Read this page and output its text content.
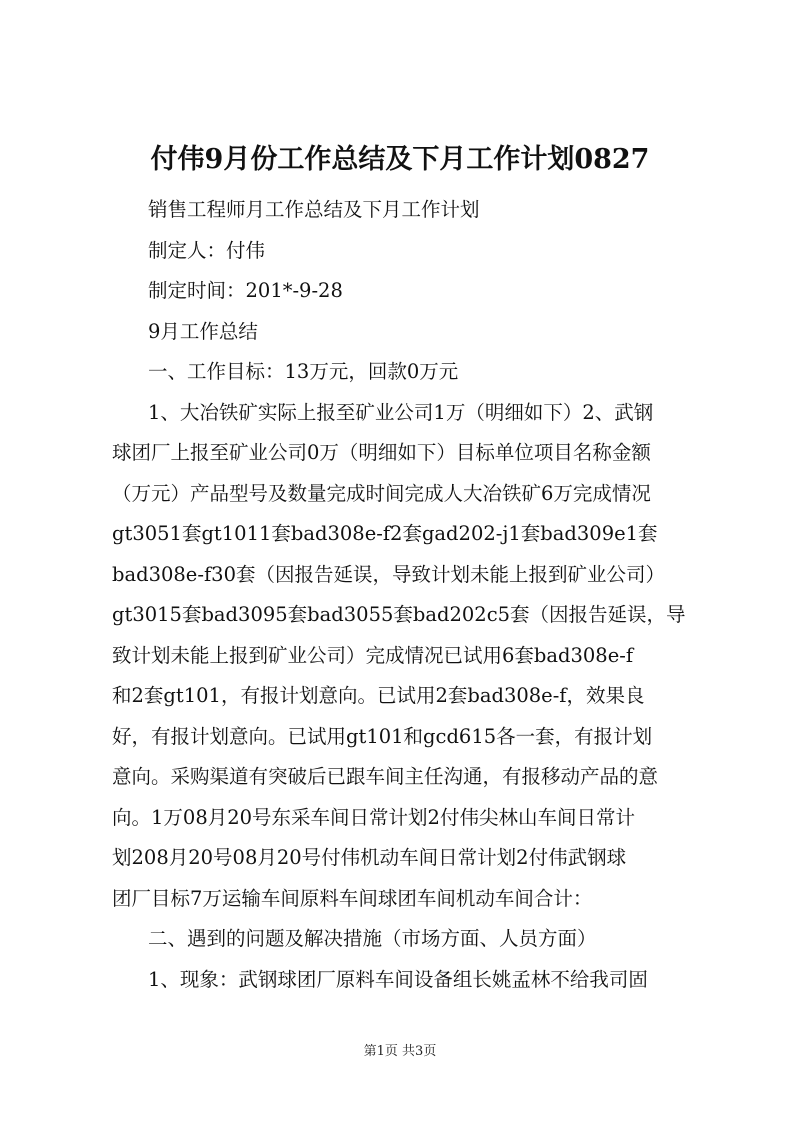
付伟9月份工作总结及下月工作计划0827
销售工程师月工作总结及下月工作计划
制定人：付伟
制定时间：201*-9-28
9月工作总结
一、工作目标：13万元，回款0万元
1、大冶铁矿实际上报至矿业公司1万（明细如下）2、武钢
球团厂上报至矿业公司0万（明细如下）目标单位项目名称金额
（万元）产品型号及数量完成时间完成人大冶铁矿6万完成情况
gt3051套gt1011套bad308e-f2套gad202-j1套bad309e1套
bad308e-f30套（因报告延误，导致计划未能上报到矿业公司）
gt3015套bad3095套bad3055套bad202c5套（因报告延误，导
致计划未能上报到矿业公司）完成情况已试用6套bad308e-f
和2套gt101，有报计划意向。已试用2套bad308e-f，效果良
好，有报计划意向。已试用gt101和gcd615各一套，有报计划
意向。采购渠道有突破后已跟车间主任沟通，有报移动产品的意
向。1万08月20号东采车间日常计划2付伟尖林山车间日常计
划208月20号08月20号付伟机动车间日常计划2付伟武钢球
团厂目标7万运输车间原料车间球团车间机动车间合计：
二、遇到的问题及解决措施（市场方面、人员方面）
1、现象：武钢球团厂原料车间设备组长姚孟林不给我司固
第1页 共3页
